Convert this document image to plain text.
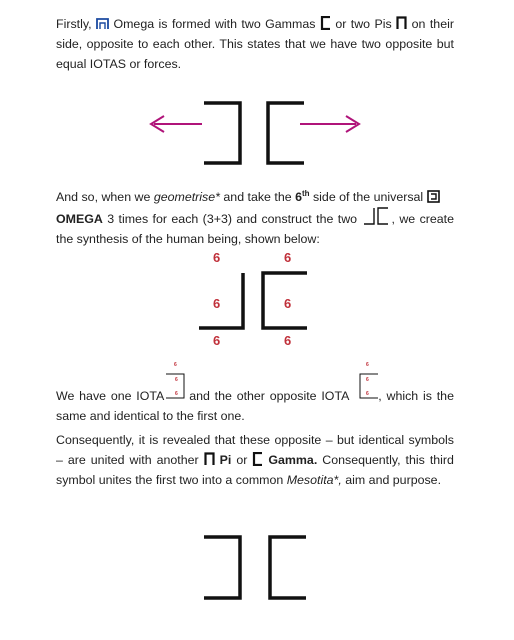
Firstly, Omega is formed with two Gammas or two Pis on their side, opposite to each other. This states that we have two opposite but equal IOTAS or forces.

And so, when we geometrise* and take the 6th side of the universal
OMEGA 3 times for each (3+3) and construct the two	, we create the synthesis of the human being, shown below:

6	6
6	6
6	6

We have one IOTA and the other opposite IOTA , which is the same and identical to the first one.

6
6
6
6
6
6

Consequently, it is revealed that these opposite – but identical symbols – are united with another Pi or Gamma. Consequently, this third symbol unites the first two into a common Mesotita*, aim and purpose.
